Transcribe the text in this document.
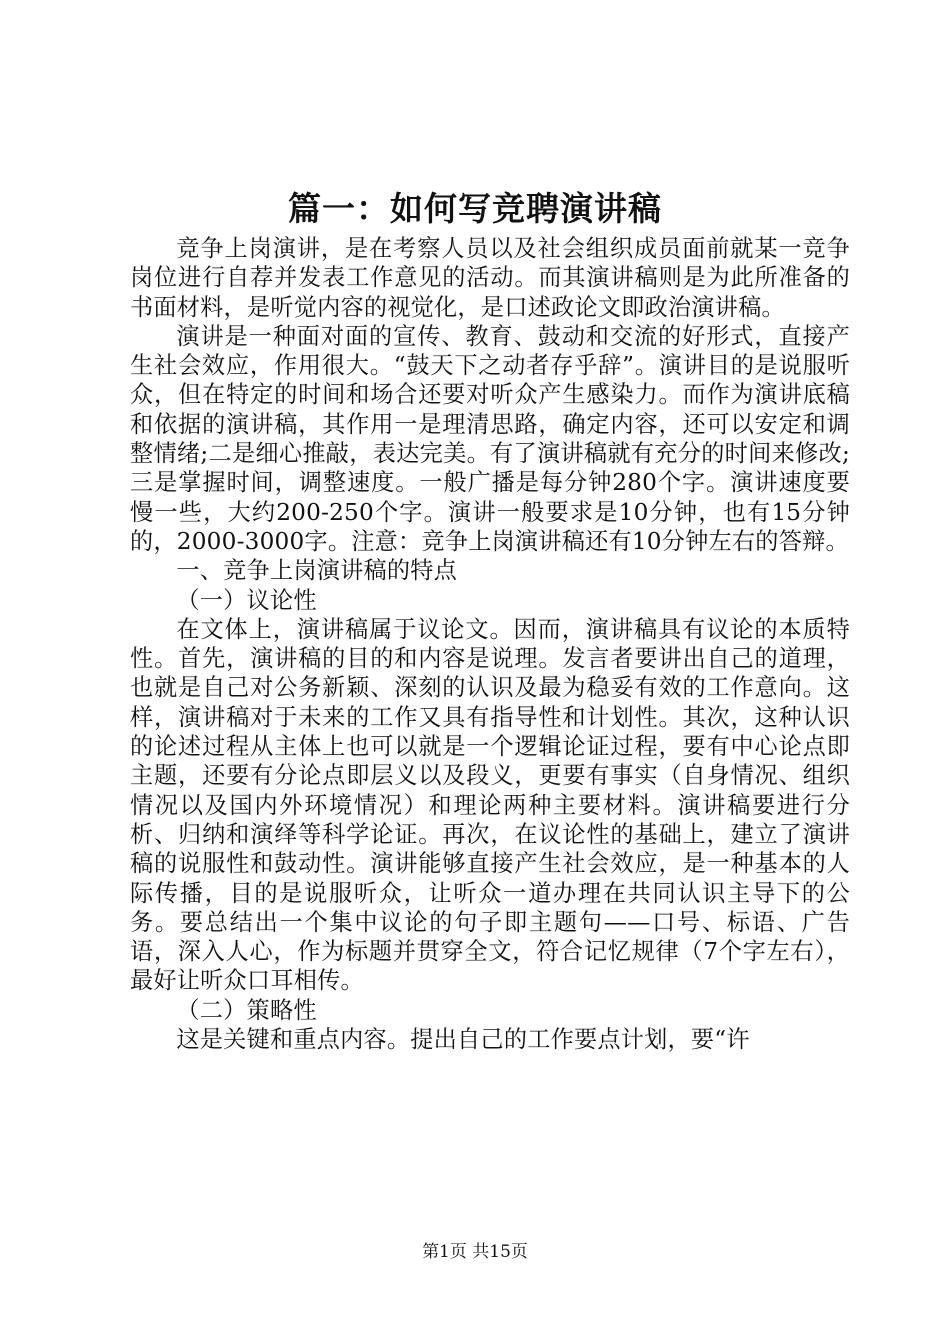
篇一：如何写竞聘演讲稿

竞争上岗演讲，是在考察人员以及社会组织成员面前就某一竞争岗位进行自荐并发表工作意见的活动。而其演讲稿则是为此所准备的书面材料，是听觉内容的视觉化，是口述政论文即政治演讲稿。

演讲是一种面对面的宣传、教育、鼓动和交流的好形式，直接产生社会效应，作用很大。“鼓天下之动者存乎辞”。演讲目的是说服听众，但在特定的时间和场合还要对听众产生感染力。而作为演讲底稿和依据的演讲稿，其作用一是理清思路，确定内容，还可以安定和调整情绪;二是细心推敲，表达完美。有了演讲稿就有充分的时间来修改;三是掌握时间，调整速度。一般广播是每分钟280个字。演讲速度要慢一些，大约200-250个字。演讲一般要求是10分钟，也有15分钟的，2000-3000字。注意：竞争上岗演讲稿还有10分钟左右的答辩。

一、竞争上岗演讲稿的特点

（一）议论性

在文体上，演讲稿属于议论文。因而，演讲稿具有议论的本质特性。首先，演讲稿的目的和内容是说理。发言者要讲出自己的道理，也就是自己对公务新颖、深刻的认识及最为稳妥有效的工作意向。这样，演讲稿对于未来的工作又具有指导性和计划性。其次，这种认识的论述过程从主体上也可以就是一个逻辑论证过程，要有中心论点即主题，还要有分论点即层义以及段义，更要有事实（自身情况、组织情况以及国内外环境情况）和理论两种主要材料。演讲稿要进行分析、归纳和演绎等科学论证。再次，在议论性的基础上，建立了演讲稿的说服性和鼓动性。演讲能够直接产生社会效应，是一种基本的人际传播，目的是说服听众，让听众一道办理在共同认识主导下的公务。要总结出一个集中议论的句子即主题句——口号、标语、广告语，深入人心，作为标题并贯穿全文，符合记忆规律（7个字左右），最好让听众口耳相传。

（二）策略性

这是关键和重点内容。提出自己的工作要点计划，要“许

第1页 共15页
